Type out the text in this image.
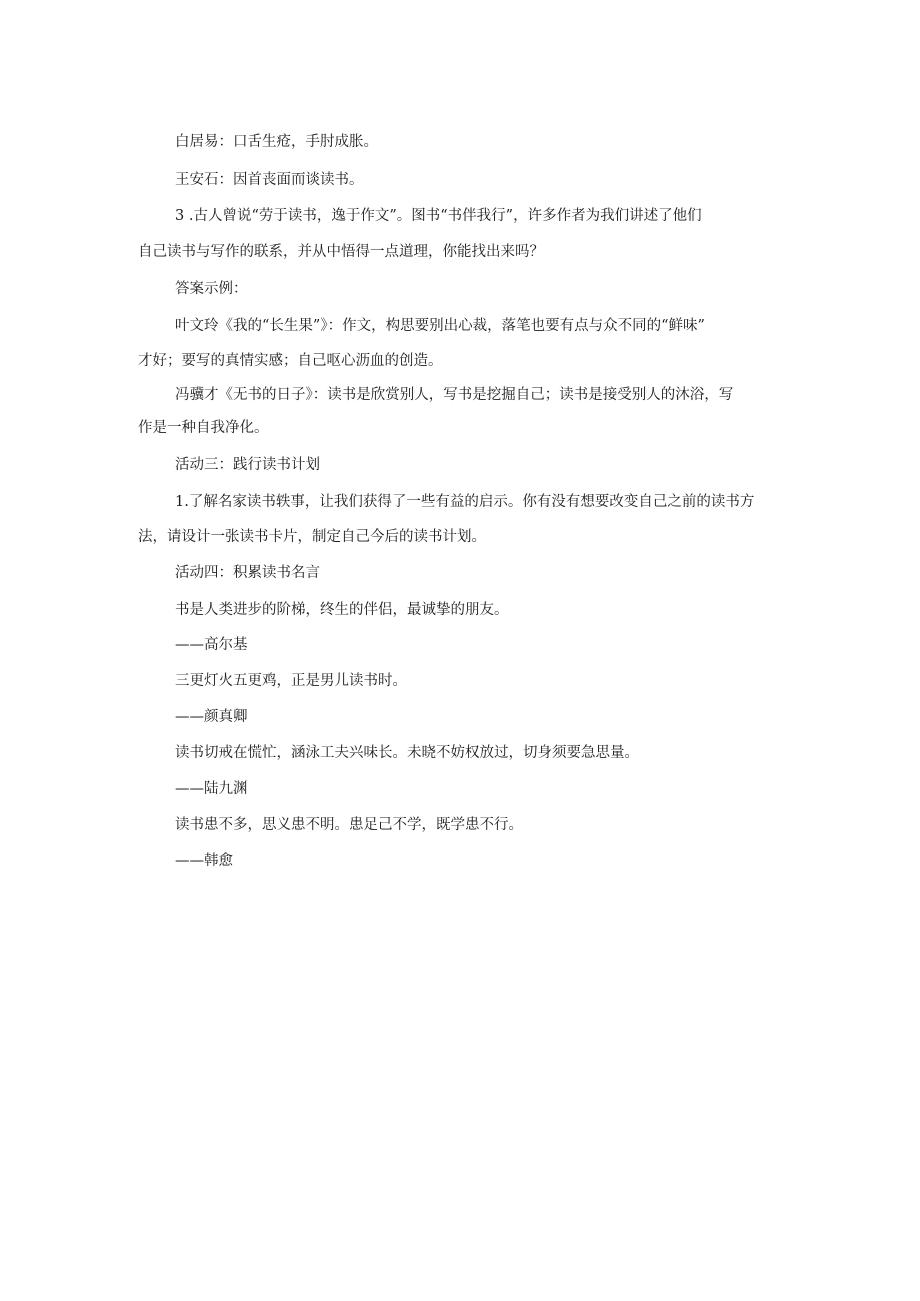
白居易：口舌生疮，手肘成胀。
王安石：因首丧面而谈读书。
3 .古人曾说“劳于读书，逸于作文”。图书“书伴我行”，许多作者为我们讲述了他们
自己读书与写作的联系，并从中悟得一点道理，你能找出来吗？
答案示例：
叶文玲《我的“长生果”》：作文，构思要别出心裁，落笔也要有点与众不同的“鲜味”
才好；要写的真情实感；自己呕心沥血的创造。
冯骥才《无书的日子》：读书是欣赏别人，写书是挖掘自己；读书是接受别人的沐浴，写
作是一种自我净化。
活动三：践行读书计划
1.了解名家读书轶事，让我们获得了一些有益的启示。你有没有想要改变自己之前的读书方
法，请设计一张读书卡片，制定自己今后的读书计划。
活动四：积累读书名言
书是人类进步的阶梯，终生的伴侣，最诚挚的朋友。
——高尔基
三更灯火五更鸡，正是男儿读书时。
——颜真卿
读书切戒在慌忙，涵泳工夫兴味长。未晓不妨权放过，切身须要急思量。
——陆九渊
读书患不多，思义患不明。患足己不学，既学患不行。
——韩愈
